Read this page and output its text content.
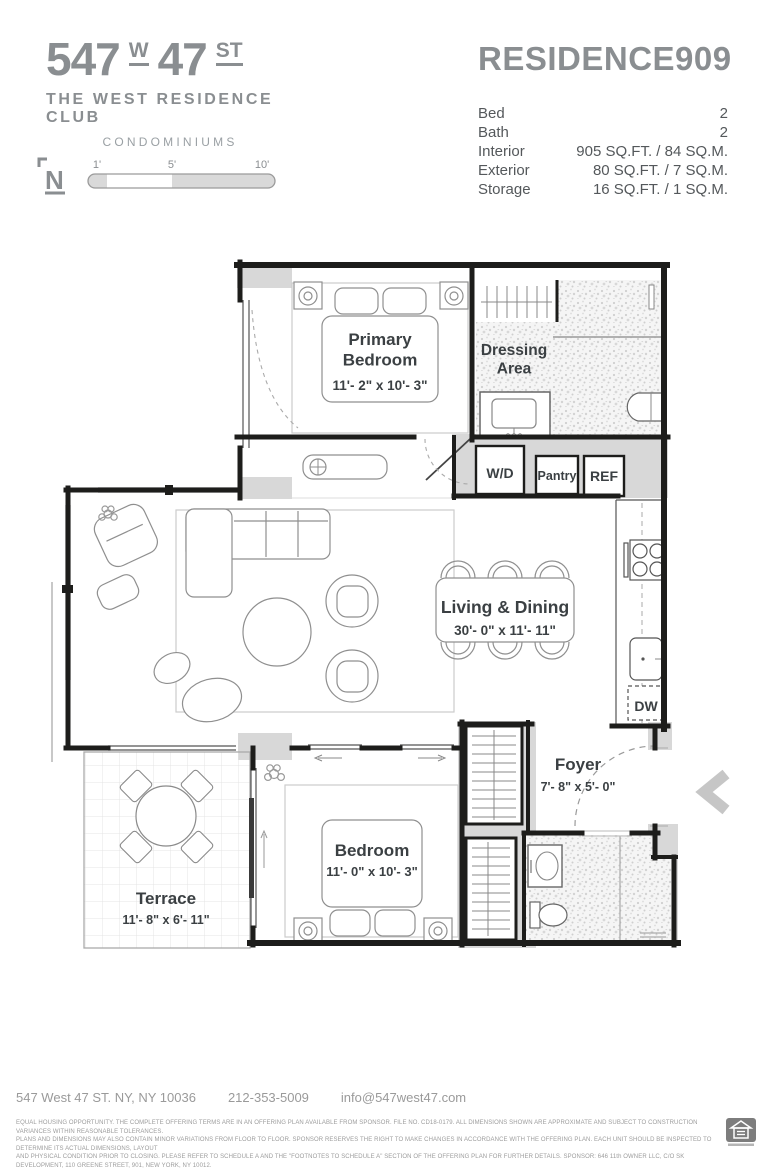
547 W 47 ST
THE WEST RESIDENCE CLUB
CONDOMINIUMS
N	1'	5'	10'
RESIDENCE 909
Bed	2
Bath	2
Interior	905 SQ.FT. / 84 SQ.M.
Exterior	80 SQ.FT. / 7 SQ.M.
Storage	16 SQ.FT. / 1 SQ.M.
Primary Bedroom
11'- 2" x 10'- 3"
Dressing Area
W/D Pantry REF
Living & Dining
30'- 0" x 11'- 11"
DW
Foyer
7'- 8" x 5'- 0"
Bedroom
11'- 0" x 10'- 3"
Terrace
11'- 8" x 6'- 11"
547 West 47 ST. NY, NY 10036 212-353-5009 info@547west47.com
EQUAL HOUSING OPPORTUNITY. THE COMPLETE OFFERING TERMS ARE IN AN OFFERING PLAN AVAILABLE FROM SPONSOR. FILE NO. CD18-0179. ALL DIMENSIONS SHOWN ARE APPROXIMATE AND SUBJECT TO CONSTRUCTION VARIANCES WITHIN REASONABLE TOLERANCES.
PLANS AND DIMENSIONS MAY ALSO CONTAIN MINOR VARIATIONS FROM FLOOR TO FLOOR. SPONSOR RESERVES THE RIGHT TO MAKE CHANGES IN ACCORDANCE WITH THE OFFERING PLAN. EACH UNIT SHOULD BE INSPECTED TO DETERMINE ITS ACTUAL DIMENSIONS, LAYOUT
AND PHYSICAL CONDITION PRIOR TO CLOSING. PLEASE REFER TO SCHEDULE A AND THE "FOOTNOTES TO SCHEDULE A" SECTION OF THE OFFERING PLAN FOR FURTHER DETAILS. SPONSOR: 646 11th OWNER LLC, C/O SK DEVELOPMENT, 110 GREENE STREET, 901, NEW YORK, NY 10012.
